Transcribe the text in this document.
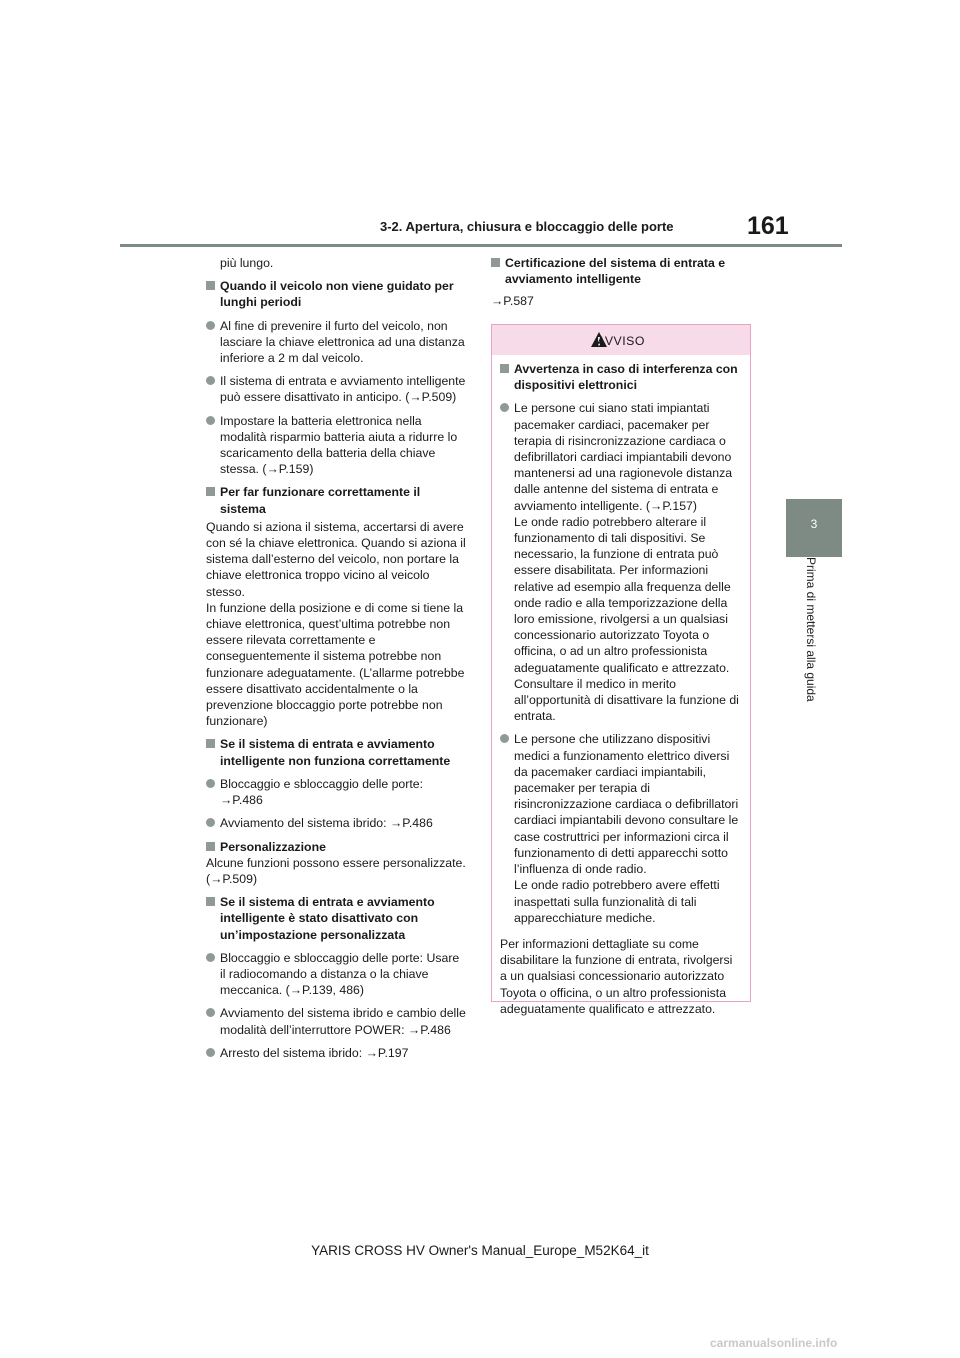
3-2. Apertura, chiusura e bloccaggio delle porte	161
3
Prima di mettersi alla guida

più lungo.

Quando il veicolo non viene guidato per lunghi periodi

Al fine di prevenire il furto del veicolo, non lasciare la chiave elettronica ad una distanza inferiore a 2 m dal veicolo.

Il sistema di entrata e avviamento intelligente può essere disattivato in anticipo. (→P.509)

Impostare la batteria elettronica nella modalità risparmio batteria aiuta a ridurre lo scaricamento della batteria della chiave stessa. (→P.159)

Per far funzionare correttamente il sistema

Quando si aziona il sistema, accertarsi di avere con sé la chiave elettronica. Quando si aziona il sistema dall’esterno del veicolo, non portare la chiave elettronica troppo vicino al veicolo stesso.
In funzione della posizione e di come si tiene la chiave elettronica, quest’ultima potrebbe non essere rilevata correttamente e conseguentemente il sistema potrebbe non funzionare adeguatamente. (L’allarme potrebbe essere disattivato accidentalmente o la prevenzione bloccaggio porte potrebbe non funzionare)

Se il sistema di entrata e avviamento intelligente non funziona correttamente

Bloccaggio e sbloccaggio delle porte: →P.486

Avviamento del sistema ibrido: →P.486

Personalizzazione

Alcune funzioni possono essere personalizzate. (→P.509)

Se il sistema di entrata e avviamento intelligente è stato disattivato con un’impostazione personalizzata

Bloccaggio e sbloccaggio delle porte: Usare il radiocomando a distanza o la chiave meccanica. (→P.139, 486)

Avviamento del sistema ibrido e cambio delle modalità dell’interruttore POWER: →P.486

Arresto del sistema ibrido: →P.197

Certificazione del sistema di entrata e avviamento intelligente

→P.587

AVVISO

Avvertenza in caso di interferenza con dispositivi elettronici

Le persone cui siano stati impiantati pacemaker cardiaci, pacemaker per terapia di risincronizzazione cardiaca o defibrillatori cardiaci impiantabili devono mantenersi ad una ragionevole distanza dalle antenne del sistema di entrata e avviamento intelligente. (→P.157)
Le onde radio potrebbero alterare il funzionamento di tali dispositivi. Se necessario, la funzione di entrata può essere disabilitata. Per informazioni relative ad esempio alla frequenza delle onde radio e alla temporizzazione della loro emissione, rivolgersi a un qualsiasi concessionario autorizzato Toyota o officina, o ad un altro professionista adeguatamente qualificato e attrezzato. Consultare il medico in merito all’opportunità di disattivare la funzione di entrata.

Le persone che utilizzano dispositivi medici a funzionamento elettrico diversi da pacemaker cardiaci impiantabili, pacemaker per terapia di risincronizzazione cardiaca o defibrillatori cardiaci impiantabili devono consultare le case costruttrici per informazioni circa il funzionamento di detti apparecchi sotto l’influenza di onde radio.
Le onde radio potrebbero avere effetti inaspettati sulla funzionalità di tali apparecchiature mediche.

Per informazioni dettagliate su come disabilitare la funzione di entrata, rivolgersi a un qualsiasi concessionario autorizzato Toyota o officina, o un altro professionista adeguatamente qualificato e attrezzato.

YARIS CROSS HV Owner's Manual_Europe_M52K64_it
carmanualsonline.info
